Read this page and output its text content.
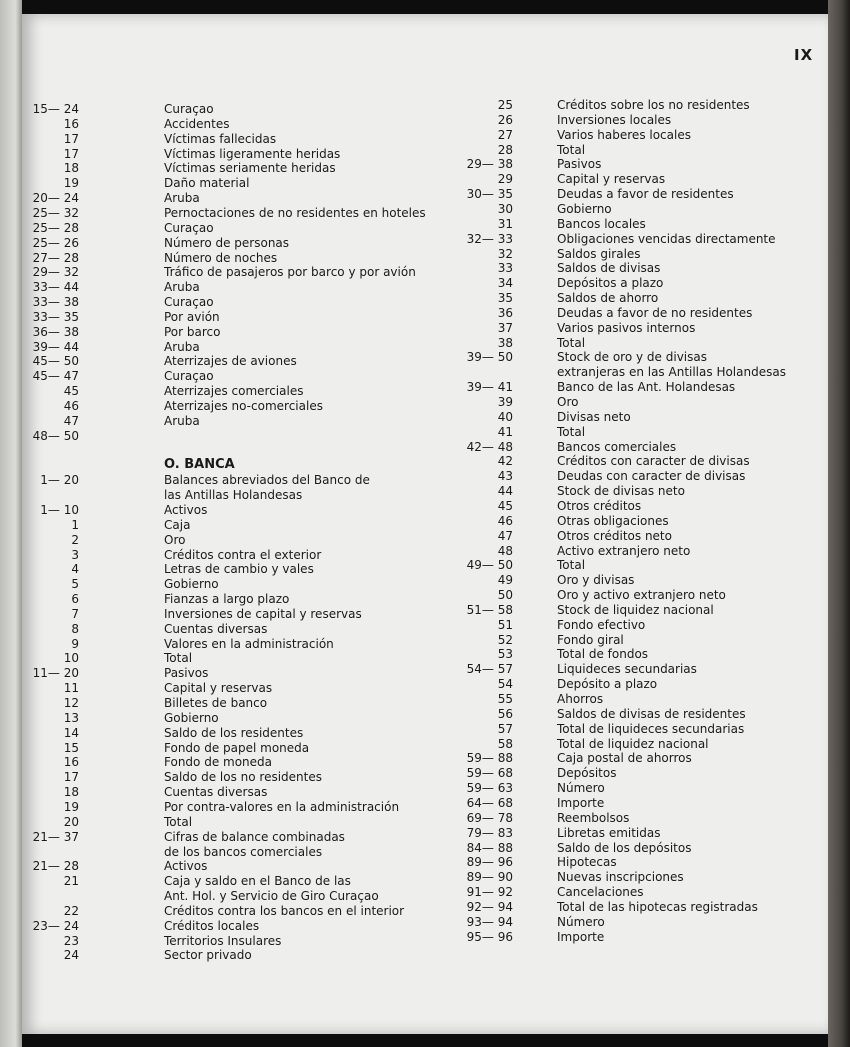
IX
15— 24	Curaçao
16	Accidentes
17	Víctimas fallecidas
17	Víctimas ligeramente heridas
18	Víctimas seriamente heridas
19	Daño material
20— 24	Aruba
25— 32	Pernoctaciones de no residentes en hoteles
25— 28	Curaçao
25— 26	Número de personas
27— 28	Número de noches
29— 32	Tráfico de pasajeros por barco y por avión
33— 44	Aruba
33— 38	Curaçao
33— 35	Por avión
36— 38	Por barco
39— 44	Aruba
45— 50	Aterrizajes de aviones
45— 47	Curaçao
45	Aterrizajes comerciales
46	Aterrizajes no-comerciales
47	Aruba
48— 50
O. BANCA
1— 20	Balances abreviados del Banco de
las Antillas Holandesas
1— 10	Activos
1	Caja
2	Oro
3	Créditos contra el exterior
4	Letras de cambio y vales
5	Gobierno
6	Fianzas a largo plazo
7	Inversiones de capital y reservas
8	Cuentas diversas
9	Valores en la administración
10	Total
11— 20	Pasivos
11	Capital y reservas
12	Billetes de banco
13	Gobierno
14	Saldo de los residentes
15	Fondo de papel moneda
16	Fondo de moneda
17	Saldo de los no residentes
18	Cuentas diversas
19	Por contra-valores en la administración
20	Total
21— 37	Cifras de balance combinadas
de los bancos comerciales
21— 28	Activos
21	Caja y saldo en el Banco de las
Ant. Hol. y Servicio de Giro Curaçao
22	Créditos contra los bancos en el interior
23— 24	Créditos locales
23	Territorios Insulares
24	Sector privado
25	Créditos sobre los no residentes
26	Inversiones locales
27	Varios haberes locales
28	Total
29— 38	Pasivos
29	Capital y reservas
30— 35	Deudas a favor de residentes
30	Gobierno
31	Bancos locales
32— 33	Obligaciones vencidas directamente
32	Saldos girales
33	Saldos de divisas
34	Depósitos a plazo
35	Saldos de ahorro
36	Deudas a favor de no residentes
37	Varios pasivos internos
38	Total
39— 50	Stock de oro y de divisas
extranjeras en las Antillas Holandesas
39— 41	Banco de las Ant. Holandesas
39	Oro
40	Divisas neto
41	Total
42— 48	Bancos comerciales
42	Créditos con caracter de divisas
43	Deudas con caracter de divisas
44	Stock de divisas neto
45	Otros créditos
46	Otras obligaciones
47	Otros créditos neto
48	Activo extranjero neto
49— 50	Total
49	Oro y divisas
50	Oro y activo extranjero neto
51— 58	Stock de liquidez nacional
51	Fondo efectivo
52	Fondo giral
53	Total de fondos
54— 57	Liquideces secundarias
54	Depósito a plazo
55	Ahorros
56	Saldos de divisas de residentes
57	Total de liquideces secundarias
58	Total de liquidez nacional
59— 88	Caja postal de ahorros
59— 68	Depósitos
59— 63	Número
64— 68	Importe
69— 78	Reembolsos
79— 83	Libretas emitidas
84— 88	Saldo de los depósitos
89— 96	Hipotecas
89— 90	Nuevas inscripciones
91— 92	Cancelaciones
92— 94	Total de las hipotecas registradas
93— 94	Número
95— 96	Importe
